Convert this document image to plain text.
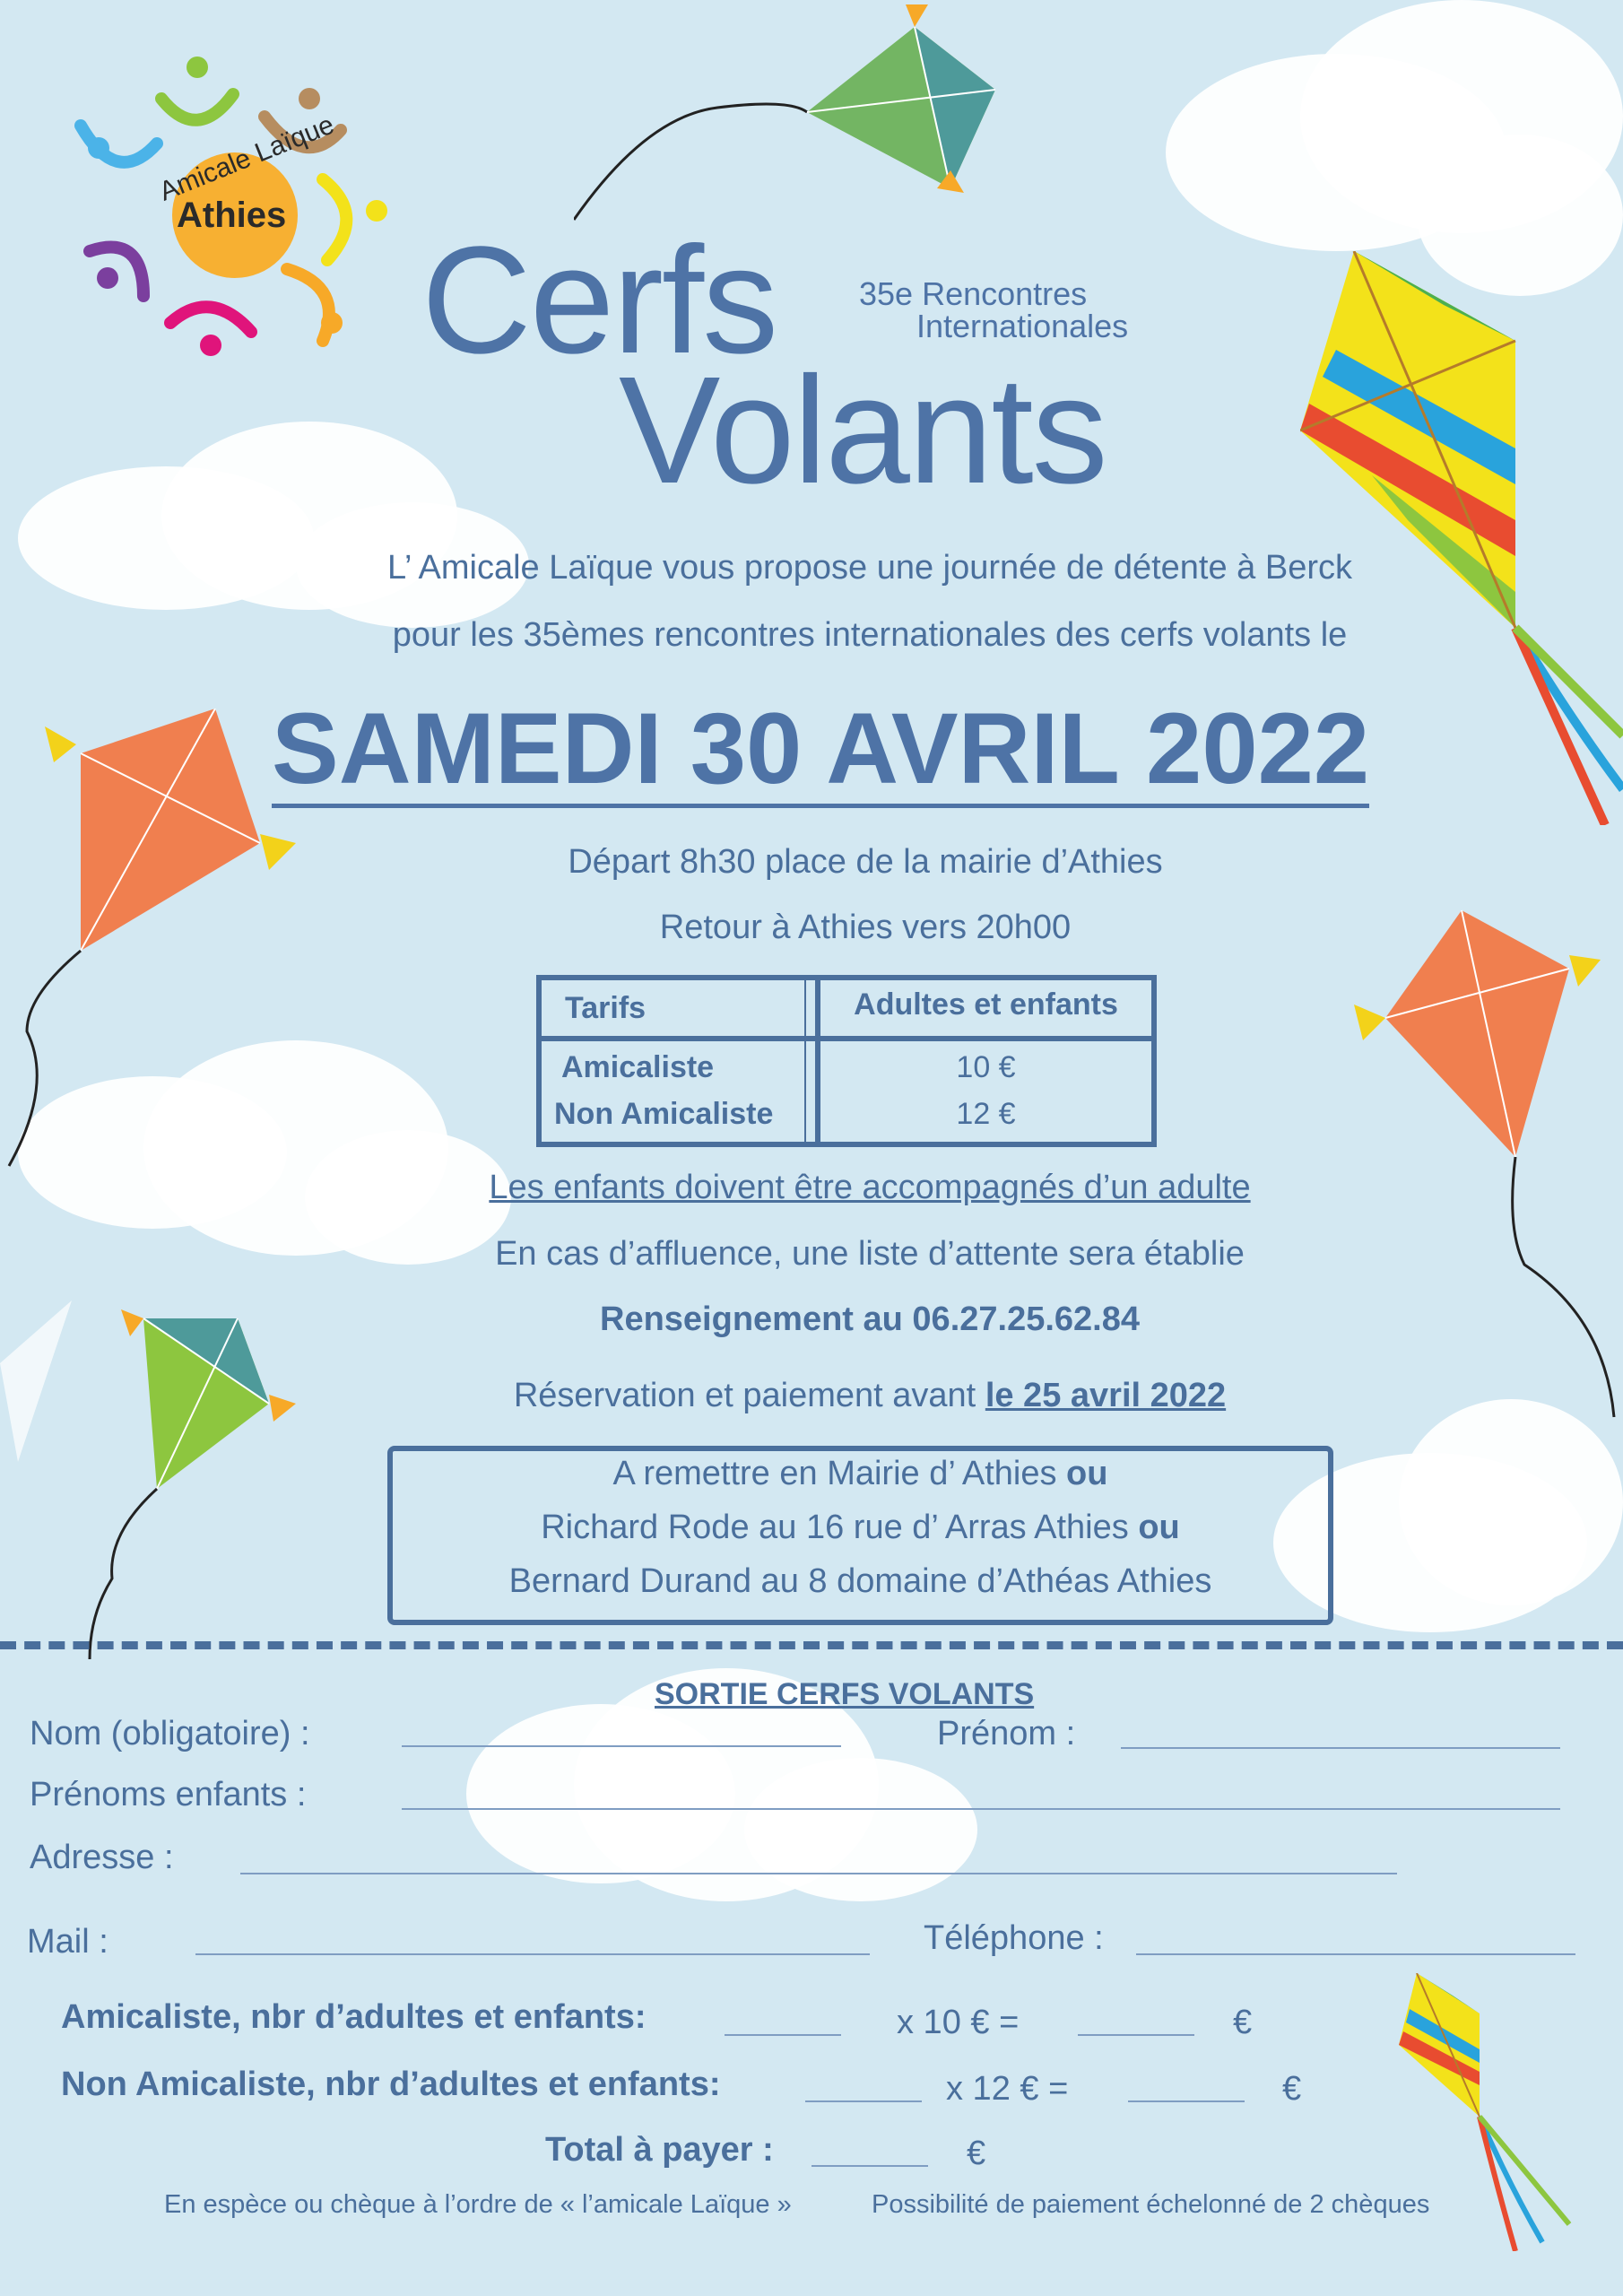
Amicale Laïque
Athies Cerfs
Volants
35e Rencontres
Internationales
L’ Amicale Laïque vous propose une journée de détente à Berck
pour les 35èmes rencontres internationales des cerfs volants le
SAMEDI 30 AVRIL 2022
Départ 8h30 place de la mairie d’Athies
Retour à Athies vers 20h00
Tarifs	Adultes et enfants
Amicaliste	10 €
Non Amicaliste	12 €
Les enfants doivent être accompagnés d’un adulte
En cas d’affluence, une liste d’attente sera établie
Renseignement au 06.27.25.62.84
Réservation et paiement avant le 25 avril 2022
A remettre en Mairie d’ Athies ou
Richard Rode au 16 rue d’ Arras Athies ou
Bernard Durand au 8 domaine d’Athéas Athies
SORTIE CERFS VOLANTS
Nom (obligatoire) :	Prénom :
Prénoms enfants :
Adresse :
Mail :	Téléphone :
Amicaliste, nbr d’adultes et enfants:	x 10 € =	€
Non Amicaliste, nbr d’adultes et enfants:	x 12 € =	€
Total à payer :	€
En espèce ou chèque à l’ordre de « l’amicale Laïque »	Possibilité de paiement échelonné de 2 chèques
